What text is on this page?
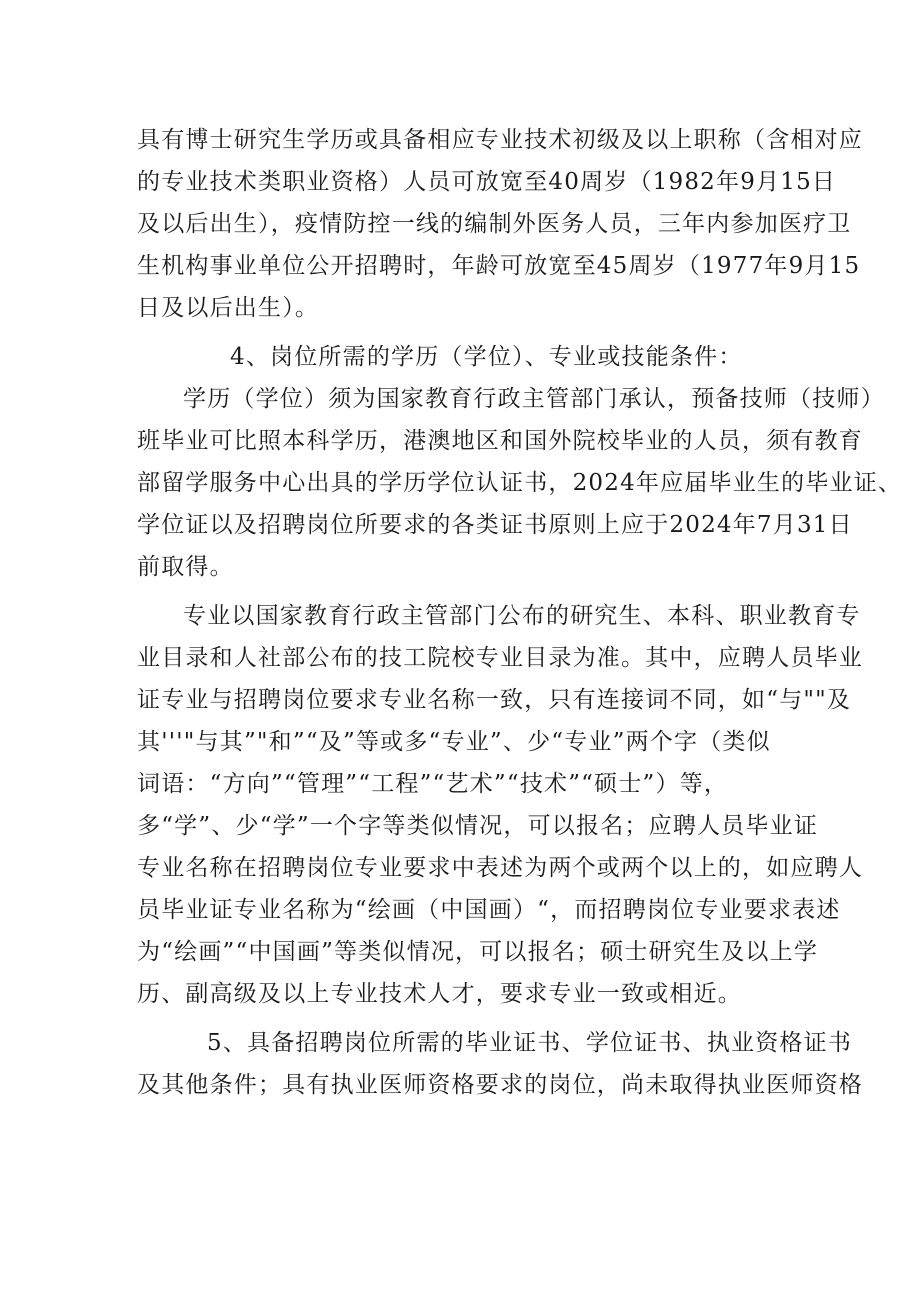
具有博士研究生学历或具备相应专业技术初级及以上职称（含相对应

的专业技术类职业资格）人员可放宽至40周岁（1982年9月15日

及以后出生），疫情防控一线的编制外医务人员，三年内参加医疗卫

生机构事业单位公开招聘时，年龄可放宽至45周岁（1977年9月15

日及以后出生）。

4、岗位所需的学历（学位）、专业或技能条件：

学历（学位）须为国家教育行政主管部门承认，预备技师（技师）

班毕业可比照本科学历，港澳地区和国外院校毕业的人员，须有教育

部留学服务中心出具的学历学位认证书，2024年应届毕业生的毕业证、

学位证以及招聘岗位所要求的各类证书原则上应于2024年7月31日

前取得。

专业以国家教育行政主管部门公布的研究生、本科、职业教育专

业目录和人社部公布的技工院校专业目录为准。其中，应聘人员毕业

证专业与招聘岗位要求专业名称一致，只有连接词不同，如“与""及

其'''"与其”"和”“及”等或多“专业”、少“专业”两个字（类似

词语：“方向”“管理”“工程”“艺术”“技术”“硕士”）等，

多“学”、少“学”一个字等类似情况，可以报名；应聘人员毕业证

专业名称在招聘岗位专业要求中表述为两个或两个以上的，如应聘人

员毕业证专业名称为“绘画（中国画）“，而招聘岗位专业要求表述

为“绘画”“中国画”等类似情况，可以报名；硕士研究生及以上学

历、副高级及以上专业技术人才，要求专业一致或相近。

5、具备招聘岗位所需的毕业证书、学位证书、执业资格证书

及其他条件；具有执业医师资格要求的岗位，尚未取得执业医师资格
